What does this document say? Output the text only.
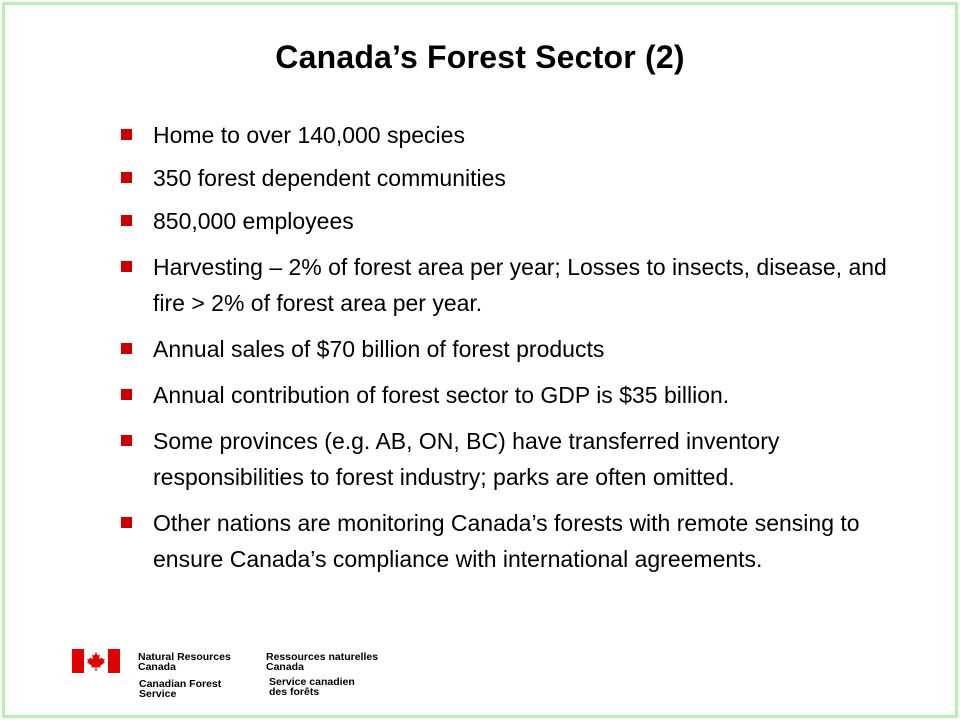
Canada’s Forest Sector (2)
Home to over 140,000 species
350 forest dependent communities
850,000 employees
Harvesting – 2% of forest area per year; Losses to insects, disease, and fire > 2% of forest area per year.
Annual sales of $70 billion of forest products
Annual contribution of forest sector to GDP is $35 billion.
Some provinces (e.g. AB, ON, BC) have transferred inventory responsibilities to forest industry; parks are often omitted.
Other nations are monitoring Canada’s forests with remote sensing to ensure Canada’s compliance with international agreements.
Natural Resources
Canada
Canadian Forest
Service
Ressources naturelles
Canada
Service canadien
des forêts
